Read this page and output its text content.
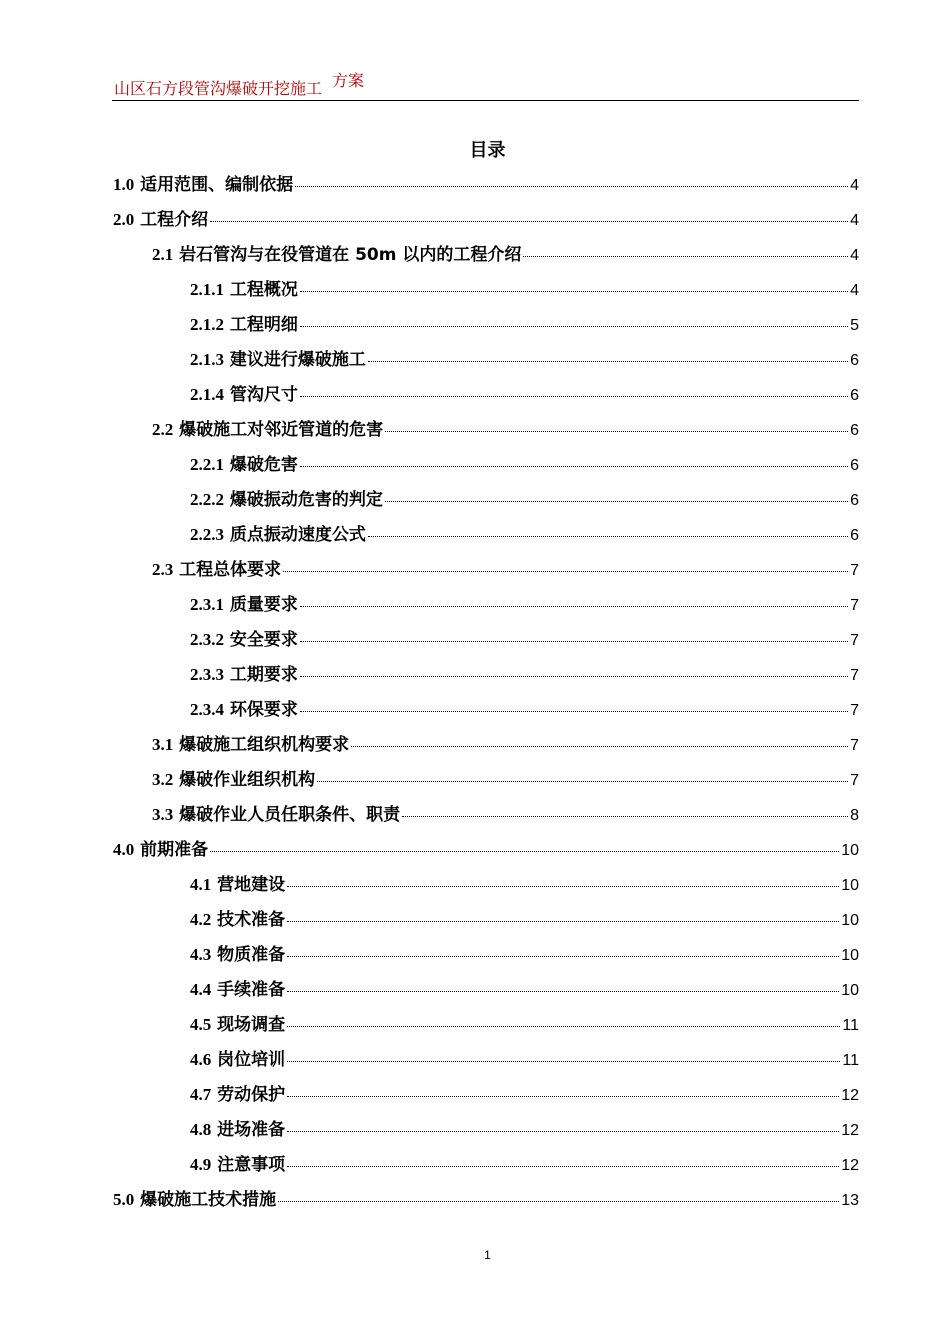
山区石方段管沟爆破开挖施工 方案
目录
1.0 适用范围、编制依据	4
2.0 工程介绍	4
2.1 岩石管沟与在役管道在 50m 以内的工程介绍	4
2.1.1 工程概况	4
2.1.2 工程明细	5
2.1.3 建议进行爆破施工	6
2.1.4 管沟尺寸	6
2.2 爆破施工对邻近管道的危害	6
2.2.1 爆破危害	6
2.2.2 爆破振动危害的判定	6
2.2.3 质点振动速度公式	6
2.3 工程总体要求	7
2.3.1 质量要求	7
2.3.2 安全要求	7
2.3.3 工期要求	7
2.3.4 环保要求	7
3.1 爆破施工组织机构要求	7
3.2 爆破作业组织机构	7
3.3 爆破作业人员任职条件、职责	8
4.0 前期准备	10
4.1 营地建设	10
4.2 技术准备	10
4.3 物质准备	10
4.4 手续准备	10
4.5 现场调查	11
4.6 岗位培训	11
4.7 劳动保护	12
4.8 进场准备	12
4.9 注意事项	12
5.0 爆破施工技术措施	13
1
